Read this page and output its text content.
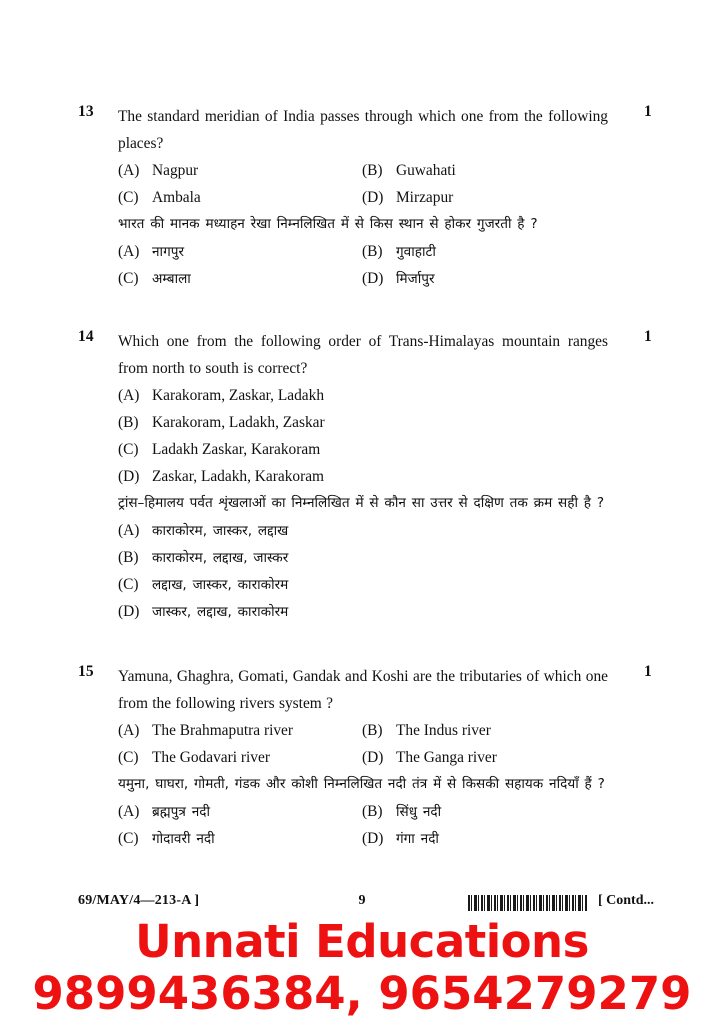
13	1

The standard meridian of India passes through which one from the following places?

(A) Nagpur	(B) Guwahati
(C) Ambala	(D) Mirzapur

भारत की मानक मध्याहन रेखा निम्नलिखित में से किस स्थान से होकर गुजरती है ?

(A) नागपुर	(B) गुवाहाटी
(C) अम्बाला	(D) मिर्जापुर
14	1

Which one from the following order of Trans-Himalayas mountain ranges from north to south is correct?

(A) Karakoram, Zaskar, Ladakh
(B) Karakoram, Ladakh, Zaskar
(C) Ladakh Zaskar, Karakoram
(D) Zaskar, Ladakh, Karakoram

ट्रांस–हिमालय पर्वत शृंखलाओं का निम्नलिखित में से कौन सा उत्तर से दक्षिण तक क्रम सही है ?

(A) काराकोरम, जास्कर, लद्दाख
(B) काराकोरम, लद्दाख, जास्कर
(C) लद्दाख, जास्कर, काराकोरम
(D) जास्कर, लद्दाख, काराकोरम
15	1

Yamuna, Ghaghra, Gomati, Gandak and Koshi are the tributaries of which one from the following rivers system ?

(A) The Brahmaputra river	(B) The Indus river
(C) The Godavari river	(D) The Ganga river

यमुना, घाघरा, गोमती, गंडक और कोशी निम्नलिखित नदी तंत्र में से किसकी सहायक नदियाँ हैं ?

(A) ब्रह्मपुत्र नदी	(B) सिंधु नदी
(C) गोदावरी नदी	(D) गंगा नदी
69/MAY/4—213-A ]	9	[ Contd...
Unnati Educations
9899436384, 9654279279
